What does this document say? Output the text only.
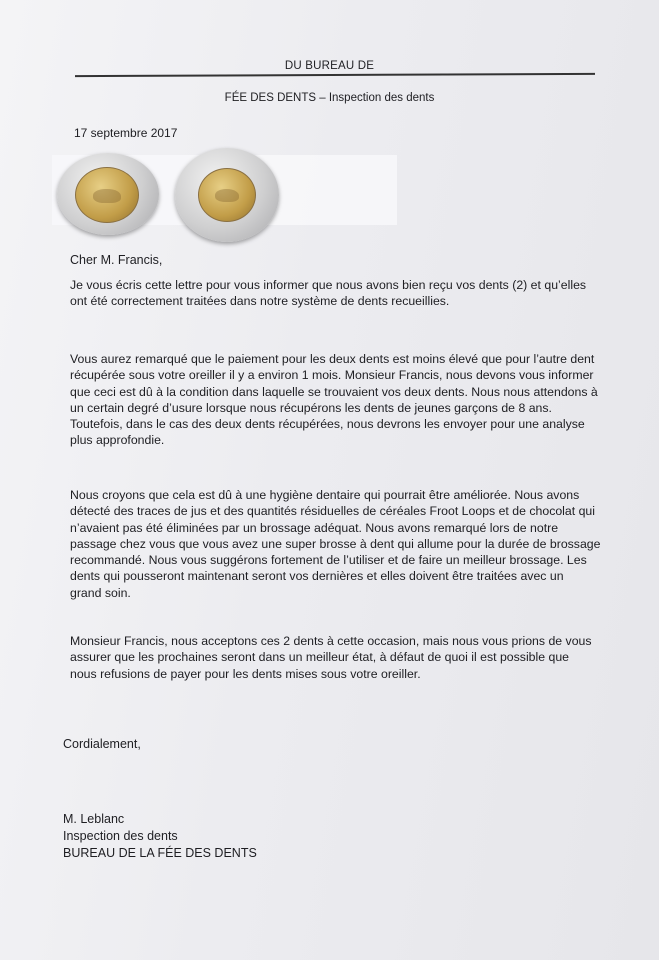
DU BUREAU DE
FÉE DES DENTS – Inspection des dents
17 septembre 2017
Cher M. Francis,
Je vous écris cette lettre pour vous informer que nous avons bien reçu vos dents (2) et qu’elles
ont été correctement traitées dans notre système de dents recueillies.
Vous aurez remarqué que le paiement pour les deux dents est moins élevé que pour l’autre dent
récupérée sous votre oreiller il y a environ 1 mois. Monsieur Francis, nous devons vous informer
que ceci est dû à la condition dans laquelle se trouvaient vos deux dents. Nous nous attendons à
un certain degré d’usure lorsque nous récupérons les dents de jeunes garçons de 8 ans.
Toutefois, dans le cas des deux dents récupérées, nous devrons les envoyer pour une analyse
plus approfondie.
Nous croyons que cela est dû à une hygiène dentaire qui pourrait être améliorée. Nous avons
détecté des traces de jus et des quantités résiduelles de céréales Froot Loops et de chocolat qui
n’avaient pas été éliminées par un brossage adéquat. Nous avons remarqué lors de notre
passage chez vous que vous avez une super brosse à dent qui allume pour la durée de brossage
recommandé. Nous vous suggérons fortement de l’utiliser et de faire un meilleur brossage. Les
dents qui pousseront maintenant seront vos dernières et elles doivent être traitées avec un
grand soin.
Monsieur Francis, nous acceptons ces 2 dents à cette occasion, mais nous vous prions de vous
assurer que les prochaines seront dans un meilleur état, à défaut de quoi il est possible que
nous refusions de payer pour les dents mises sous votre oreiller.
Cordialement,
M. Leblanc
Inspection des dents
BUREAU DE LA FÉE DES DENTS
